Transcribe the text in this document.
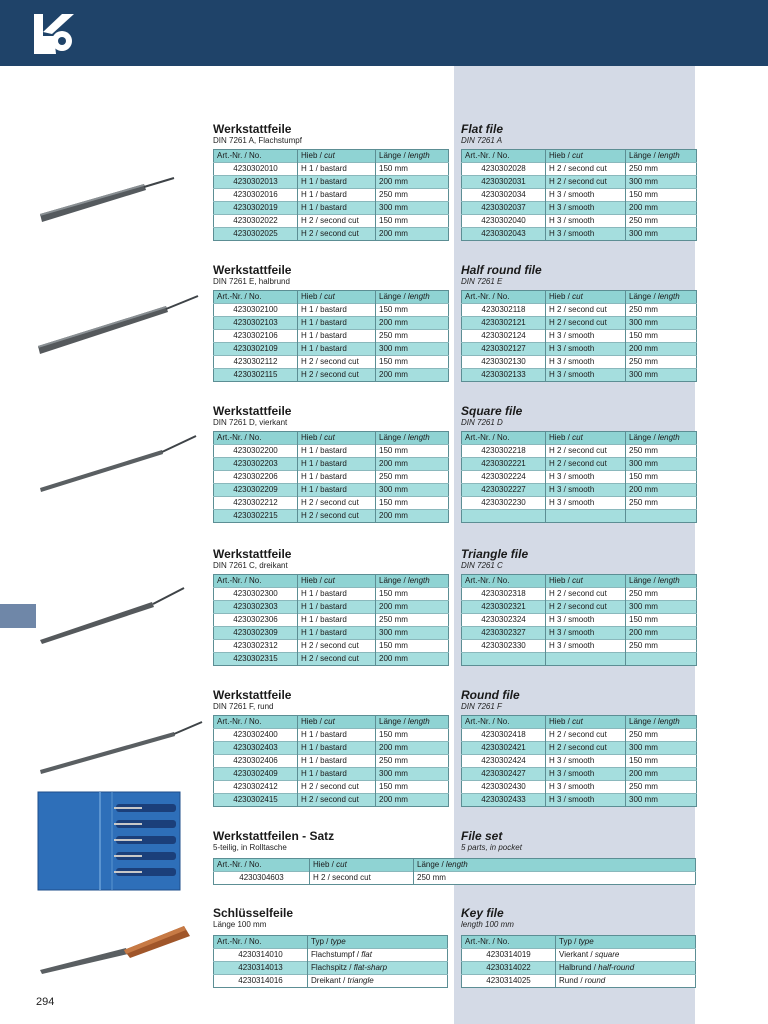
294
Werkstattfeile
DIN 7261 A, Flachstumpf
Art.-Nr. / No.	Hieb / cut	Länge / length
4230302010	H 1 / bastard	150 mm
4230302013	H 1 / bastard	200 mm
4230302016	H 1 / bastard	250 mm
4230302019	H 1 / bastard	300 mm
4230302022	H 2 / second cut	150 mm
4230302025	H 2 / second cut	200 mm
Flat file
DIN 7261 A
Art.-Nr. / No.	Hieb / cut	Länge / length
4230302028	H 2 / second cut	250 mm
4230302031	H 2 / second cut	300 mm
4230302034	H 3 / smooth	150 mm
4230302037	H 3 / smooth	200 mm
4230302040	H 3 / smooth	250 mm
4230302043	H 3 / smooth	300 mm
Werkstattfeile
DIN 7261 E, halbrund
Art.-Nr. / No.	Hieb / cut	Länge / length
4230302100	H 1 / bastard	150 mm
4230302103	H 1 / bastard	200 mm
4230302106	H 1 / bastard	250 mm
4230302109	H 1 / bastard	300 mm
4230302112	H 2 / second cut	150 mm
4230302115	H 2 / second cut	200 mm
Half round file
DIN 7261 E
Art.-Nr. / No.	Hieb / cut	Länge / length
4230302118	H 2 / second cut	250 mm
4230302121	H 2 / second cut	300 mm
4230302124	H 3 / smooth	150 mm
4230302127	H 3 / smooth	200 mm
4230302130	H 3 / smooth	250 mm
4230302133	H 3 / smooth	300 mm
Werkstattfeile
DIN 7261 D, vierkant
Art.-Nr. / No.	Hieb / cut	Länge / length
4230302200	H 1 / bastard	150 mm
4230302203	H 1 / bastard	200 mm
4230302206	H 1 / bastard	250 mm
4230302209	H 1 / bastard	300 mm
4230302212	H 2 / second cut	150 mm
4230302215	H 2 / second cut	200 mm
Square file
DIN 7261 D
Art.-Nr. / No.	Hieb / cut	Länge / length
4230302218	H 2 / second cut	250 mm
4230302221	H 2 / second cut	300 mm
4230302224	H 3 / smooth	150 mm
4230302227	H 3 / smooth	200 mm
4230302230	H 3 / smooth	250 mm

Werkstattfeile
DIN 7261 C, dreikant
Art.-Nr. / No.	Hieb / cut	Länge / length
4230302300	H 1 / bastard	150 mm
4230302303	H 1 / bastard	200 mm
4230302306	H 1 / bastard	250 mm
4230302309	H 1 / bastard	300 mm
4230302312	H 2 / second cut	150 mm
4230302315	H 2 / second cut	200 mm
Triangle file
DIN 7261 C
Art.-Nr. / No.	Hieb / cut	Länge / length
4230302318	H 2 / second cut	250 mm
4230302321	H 2 / second cut	300 mm
4230302324	H 3 / smooth	150 mm
4230302327	H 3 / smooth	200 mm
4230302330	H 3 / smooth	250 mm

Werkstattfeile
DIN 7261 F, rund
Art.-Nr. / No.	Hieb / cut	Länge / length
4230302400	H 1 / bastard	150 mm
4230302403	H 1 / bastard	200 mm
4230302406	H 1 / bastard	250 mm
4230302409	H 1 / bastard	300 mm
4230302412	H 2 / second cut	150 mm
4230302415	H 2 / second cut	200 mm
Round file
DIN 7261 F
Art.-Nr. / No.	Hieb / cut	Länge / length
4230302418	H 2 / second cut	250 mm
4230302421	H 2 / second cut	300 mm
4230302424	H 3 / smooth	150 mm
4230302427	H 3 / smooth	200 mm
4230302430	H 3 / smooth	250 mm
4230302433	H 3 / smooth	300 mm
Werkstattfeilen - Satz
5-teilig, in Rolltasche
File set
5 parts, in pocket
Art.-Nr. / No.	Hieb / cut	Länge / length
4230304603	H 2 / second cut	250 mm
Schlüsselfeile
Länge 100 mm
Key file
length 100 mm
Art.-Nr. / No.	Typ / type
4230314010	Flachstumpf / flat
4230314013	Flachspitz / flat-sharp
4230314016	Dreikant / triangle
Art.-Nr. / No.	Typ / type
4230314019	Vierkant / square
4230314022	Halbrund / half-round
4230314025	Rund / round
